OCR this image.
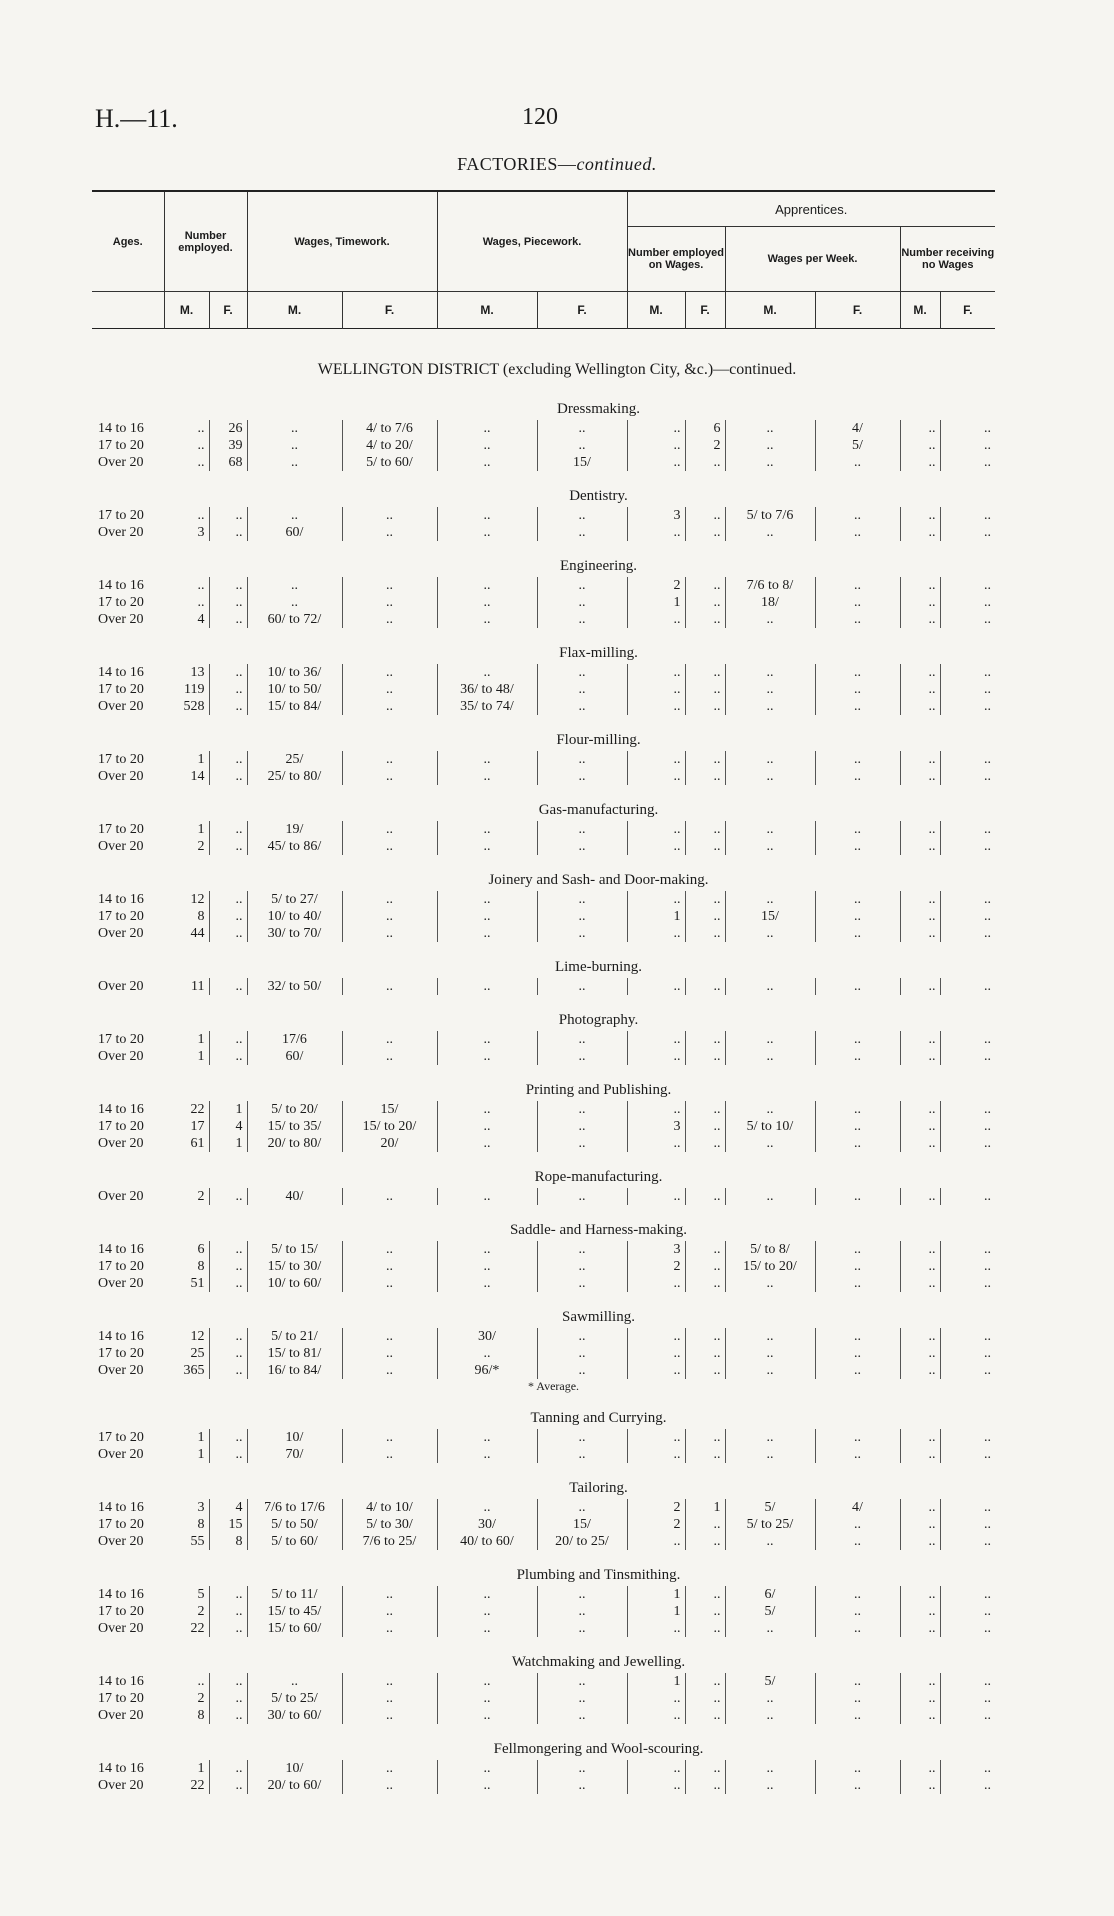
H.—11.	120
FACTORIES—continued.
Ages.	Number employed.		Wages, Timework.		Wages, Piecework.		Apprentices.					
							Number employed on Wages.		Wages per Week.		Number receiving no Wages	
	M.	F.	M.	F.	M.	F.	M.	F.	M.	F.	M.	F.
WELLINGTON DISTRICT (excluding Wellington City, &c.)—continued.
Dressmaking.
14 to 16	..	26	..	4/ to 7/6	..	..	..	6	..	4/	..	..
17 to 20	..	39	..	4/ to 20/	..	..	..	2	..	5/	..	..
Over 20	..	68	..	5/ to 60/	..	15/	..	..	..	..	..	..
Dentistry.
17 to 20	..	..	..	..	..	..	3	..	5/ to 7/6	..	..	..
Over 20	3	..	60/	..	..	..	..	..	..	..	..	..
Engineering.
14 to 16	..	..	..	..	..	..	2	..	7/6 to 8/	..	..	..
17 to 20	..	..	..	..	..	..	1	..	18/	..	..	..
Over 20	4	..	60/ to 72/	..	..	..	..	..	..	..	..	..
Flax-milling.
14 to 16	13	..	10/ to 36/	..	..	..	..	..	..	..	..	..
17 to 20	119	..	10/ to 50/	..	36/ to 48/	..	..	..	..	..	..	..
Over 20	528	..	15/ to 84/	..	35/ to 74/	..	..	..	..	..	..	..
Flour-milling.
17 to 20	1	..	25/	..	..	..	..	..	..	..	..	..
Over 20	14	..	25/ to 80/	..	..	..	..	..	..	..	..	..
Gas-manufacturing.
17 to 20	1	..	19/	..	..	..	..	..	..	..	..	..
Over 20	2	..	45/ to 86/	..	..	..	..	..	..	..	..	..
Joinery and Sash- and Door-making.
14 to 16	12	..	5/ to 27/	..	..	..	..	..	..	..	..	..
17 to 20	8	..	10/ to 40/	..	..	..	1	..	15/	..	..	..
Over 20	44	..	30/ to 70/	..	..	..	..	..	..	..	..	..
Lime-burning.
Over 20	11	..	32/ to 50/	..	..	..	..	..	..	..	..	..
Photography.
17 to 20	1	..	17/6	..	..	..	..	..	..	..	..	..
Over 20	1	..	60/	..	..	..	..	..	..	..	..	..
Printing and Publishing.
14 to 16	22	1	5/ to 20/	15/	..	..	..	..	..	..	..	..
17 to 20	17	4	15/ to 35/	15/ to 20/	..	..	3	..	5/ to 10/	..	..	..
Over 20	61	1	20/ to 80/	20/	..	..	..	..	..	..	..	..
Rope-manufacturing.
Over 20	2	..	40/	..	..	..	..	..	..	..	..	..
Saddle- and Harness-making.
14 to 16	6	..	5/ to 15/	..	..	..	3	..	5/ to 8/	..	..	..
17 to 20	8	..	15/ to 30/	..	..	..	2	..	15/ to 20/	..	..	..
Over 20	51	..	10/ to 60/	..	..	..	..	..	..	..	..	..
Sawmilling.
14 to 16	12	..	5/ to 21/	..	30/	..	..	..	..	..	..	..
17 to 20	25	..	15/ to 81/	..	..	..	..	..	..	..	..	..
Over 20	365	..	16/ to 84/	..	96/*	..	..	..	..	..	..	..
* Average.
Tanning and Currying.
17 to 20	1	..	10/	..	..	..	..	..	..	..	..	..
Over 20	1	..	70/	..	..	..	..	..	..	..	..	..
Tailoring.
14 to 16	3	4	7/6 to 17/6	4/ to 10/	..	..	2	1	5/	4/	..	..
17 to 20	8	15	5/ to 50/	5/ to 30/	30/	15/	2	..	5/ to 25/	..	..	..
Over 20	55	8	5/ to 60/	7/6 to 25/	40/ to 60/	20/ to 25/	..	..	..	..	..	..
Plumbing and Tinsmithing.
14 to 16	5	..	5/ to 11/	..	..	..	1	..	6/	..	..	..
17 to 20	2	..	15/ to 45/	..	..	..	1	..	5/	..	..	..
Over 20	22	..	15/ to 60/	..	..	..	..	..	..	..	..	..
Watchmaking and Jewelling.
14 to 16	..	..	..	..	..	..	1	..	5/	..	..	..
17 to 20	2	..	5/ to 25/	..	..	..	..	..	..	..	..	..
Over 20	8	..	30/ to 60/	..	..	..	..	..	..	..	..	..
Fellmongering and Wool-scouring.
14 to 16	1	..	10/	..	..	..	..	..	..	..	..	..
Over 20	22	..	20/ to 60/	..	..	..	..	..	..	..	..	..
